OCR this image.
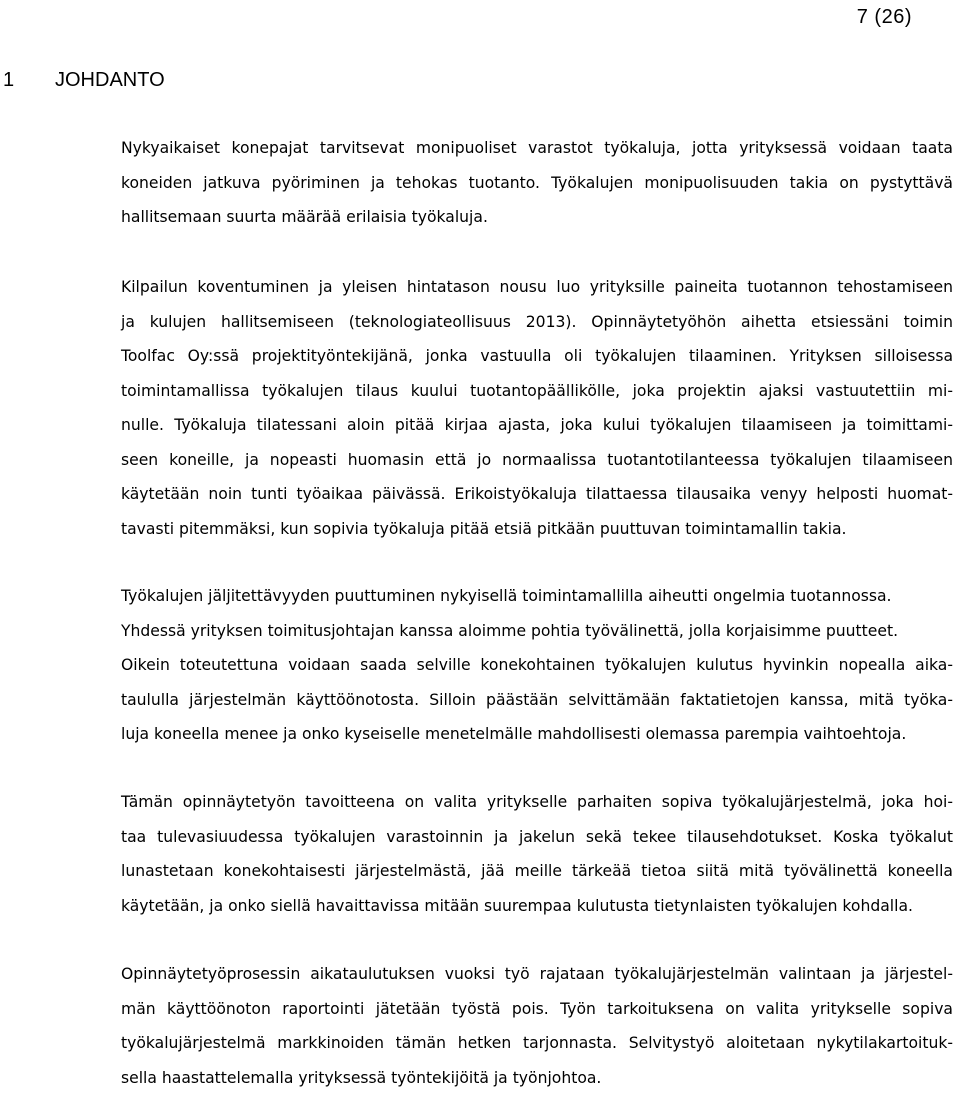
7 (26)
1	JOHDANTO
Nykyaikaiset konepajat tarvitsevat monipuoliset varastot työkaluja, jotta yrityksessä voidaan taata
koneiden jatkuva pyöriminen ja tehokas tuotanto. Työkalujen monipuolisuuden takia on pystyttävä
hallitsemaan suurta määrää erilaisia työkaluja.
Kilpailun koventuminen ja yleisen hintatason nousu luo yrityksille paineita tuotannon tehostamiseen
ja kulujen hallitsemiseen (teknologiateollisuus 2013). Opinnäytetyöhön aihetta etsiessäni toimin
Toolfac Oy:ssä projektityöntekijänä, jonka vastuulla oli työkalujen tilaaminen. Yrityksen silloisessa
toimintamallissa työkalujen tilaus kuului tuotantopäällikölle, joka projektin ajaksi vastuutettiin mi-
nulle. Työkaluja tilatessani aloin pitää kirjaa ajasta, joka kului työkalujen tilaamiseen ja toimittami-
seen koneille, ja nopeasti huomasin että jo normaalissa tuotantotilanteessa työkalujen tilaamiseen
käytetään noin tunti työaikaa päivässä. Erikoistyökaluja tilattaessa tilausaika venyy helposti huomat-
tavasti pitemmäksi, kun sopivia työkaluja pitää etsiä pitkään puuttuvan toimintamallin takia.
Työkalujen jäljitettävyyden puuttuminen nykyisellä toimintamallilla aiheutti ongelmia tuotannossa.
Yhdessä yrityksen toimitusjohtajan kanssa aloimme pohtia työvälinettä, jolla korjaisimme puutteet.
Oikein toteutettuna voidaan saada selville konekohtainen työkalujen kulutus hyvinkin nopealla aika-
taululla järjestelmän käyttöönotosta. Silloin päästään selvittämään faktatietojen kanssa, mitä työka-
luja koneella menee ja onko kyseiselle menetelmälle mahdollisesti olemassa parempia vaihtoehtoja.
Tämän opinnäytetyön tavoitteena on valita yritykselle parhaiten sopiva työkalujärjestelmä, joka hoi-
taa tulevasiuudessa työkalujen varastoinnin ja jakelun sekä tekee tilausehdotukset. Koska työkalut
lunastetaan konekohtaisesti järjestelmästä, jää meille tärkeää tietoa siitä mitä työvälinettä koneella
käytetään, ja onko siellä havaittavissa mitään suurempaa kulutusta tietynlaisten työkalujen kohdalla.
Opinnäytetyöprosessin aikataulutuksen vuoksi työ rajataan työkalujärjestelmän valintaan ja järjestel-
män käyttöönoton raportointi jätetään työstä pois. Työn tarkoituksena on valita yritykselle sopiva
työkalujärjestelmä markkinoiden tämän hetken tarjonnasta. Selvitystyö aloitetaan nykytilakartoituk-
sella haastattelemalla yrityksessä työntekijöitä ja työnjohtoa.
